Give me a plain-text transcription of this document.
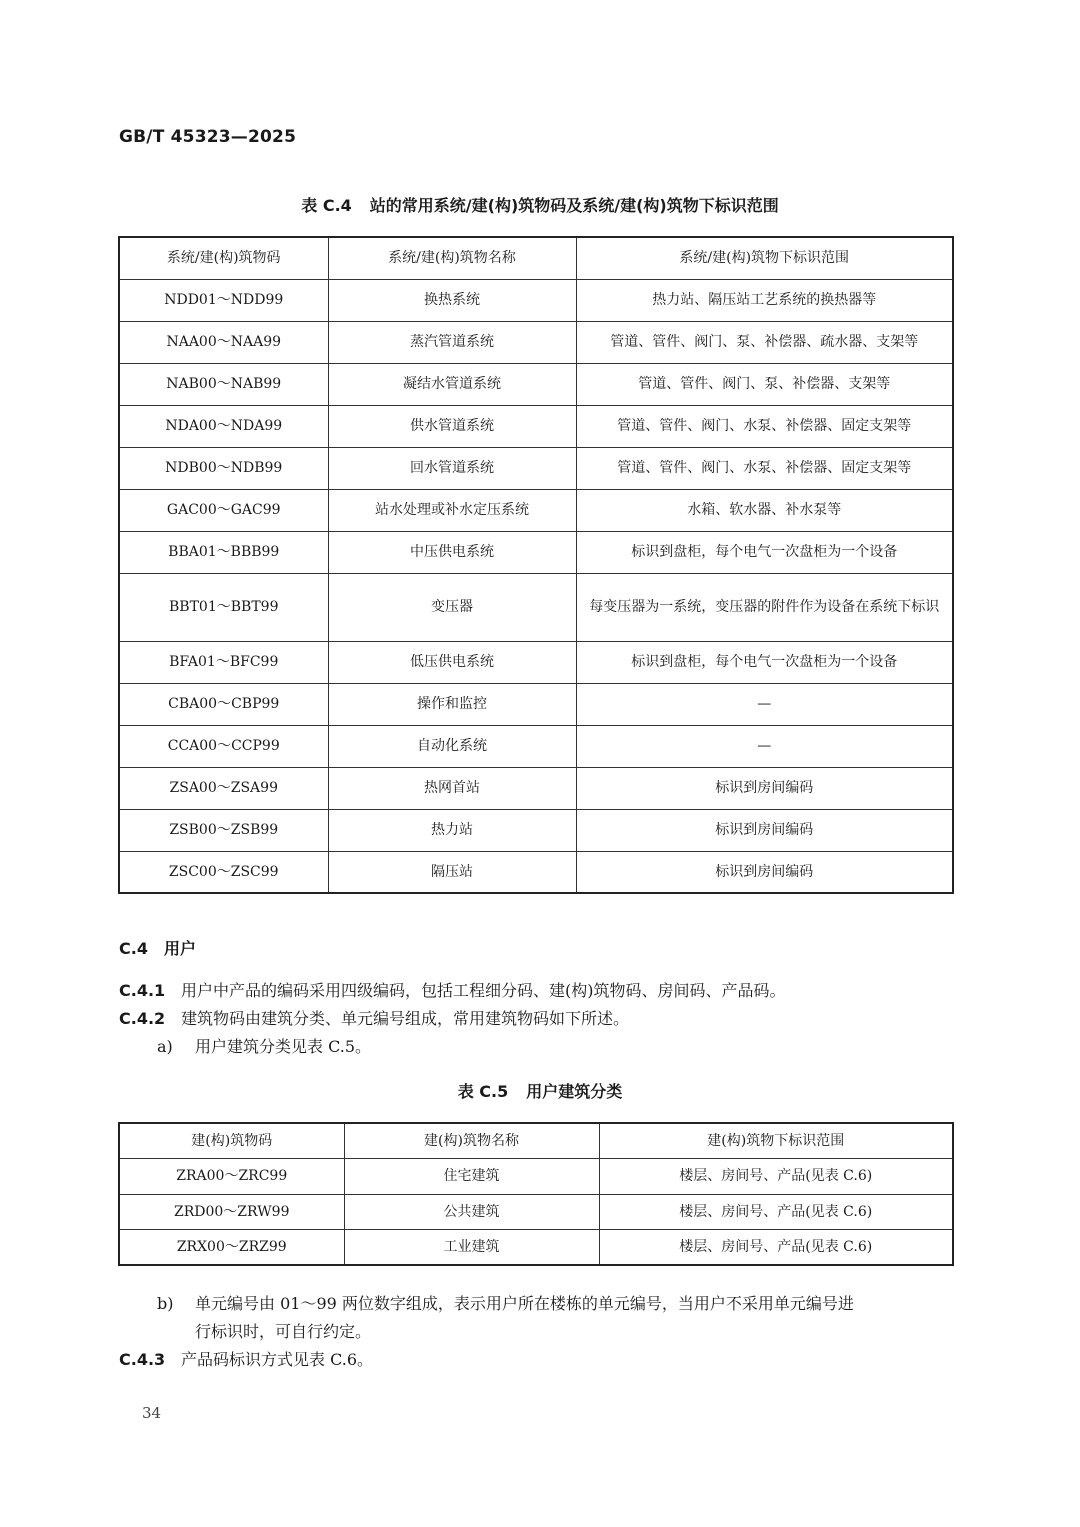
GB/T 45323—2025
表 C.4 站的常用系统/建(构)筑物码及系统/建(构)筑物下标识范围
系统/建(构)筑物码	系统/建(构)筑物名称	系统/建(构)筑物下标识范围
NDD01～NDD99	换热系统	热力站、隔压站工艺系统的换热器等
NAA00～NAA99	蒸汽管道系统	管道、管件、阀门、泵、补偿器、疏水器、支架等
NAB00～NAB99	凝结水管道系统	管道、管件、阀门、泵、补偿器、支架等
NDA00～NDA99	供水管道系统	管道、管件、阀门、水泵、补偿器、固定支架等
NDB00～NDB99	回水管道系统	管道、管件、阀门、水泵、补偿器、固定支架等
GAC00～GAC99	站水处理或补水定压系统	水箱、软水器、补水泵等
BBA01～BBB99	中压供电系统	标识到盘柜，每个电气一次盘柜为一个设备
BBT01～BBT99	变压器	每变压器为一系统，变压器的附件作为设备在系统下标识
BFA01～BFC99	低压供电系统	标识到盘柜，每个电气一次盘柜为一个设备
CBA00～CBP99	操作和监控	—
CCA00～CCP99	自动化系统	—
ZSA00～ZSA99	热网首站	标识到房间编码
ZSB00～ZSB99	热力站	标识到房间编码
ZSC00～ZSC99	隔压站	标识到房间编码
C.4　用户
C.4.1 用户中产品的编码采用四级编码，包括工程细分码、建(构)筑物码、房间码、产品码。
C.4.2 建筑物码由建筑分类、单元编号组成，常用建筑物码如下所述。
a) 用户建筑分类见表 C.5。
表 C.5 用户建筑分类
建(构)筑物码	建(构)筑物名称	建(构)筑物下标识范围
ZRA00～ZRC99	住宅建筑	楼层、房间号、产品(见表 C.6)
ZRD00～ZRW99	公共建筑	楼层、房间号、产品(见表 C.6)
ZRX00～ZRZ99	工业建筑	楼层、房间号、产品(见表 C.6)
b) 单元编号由 01～99 两位数字组成，表示用户所在楼栋的单元编号，当用户不采用单元编号进
行标识时，可自行约定。
C.4.3 产品码标识方式见表 C.6。
34
